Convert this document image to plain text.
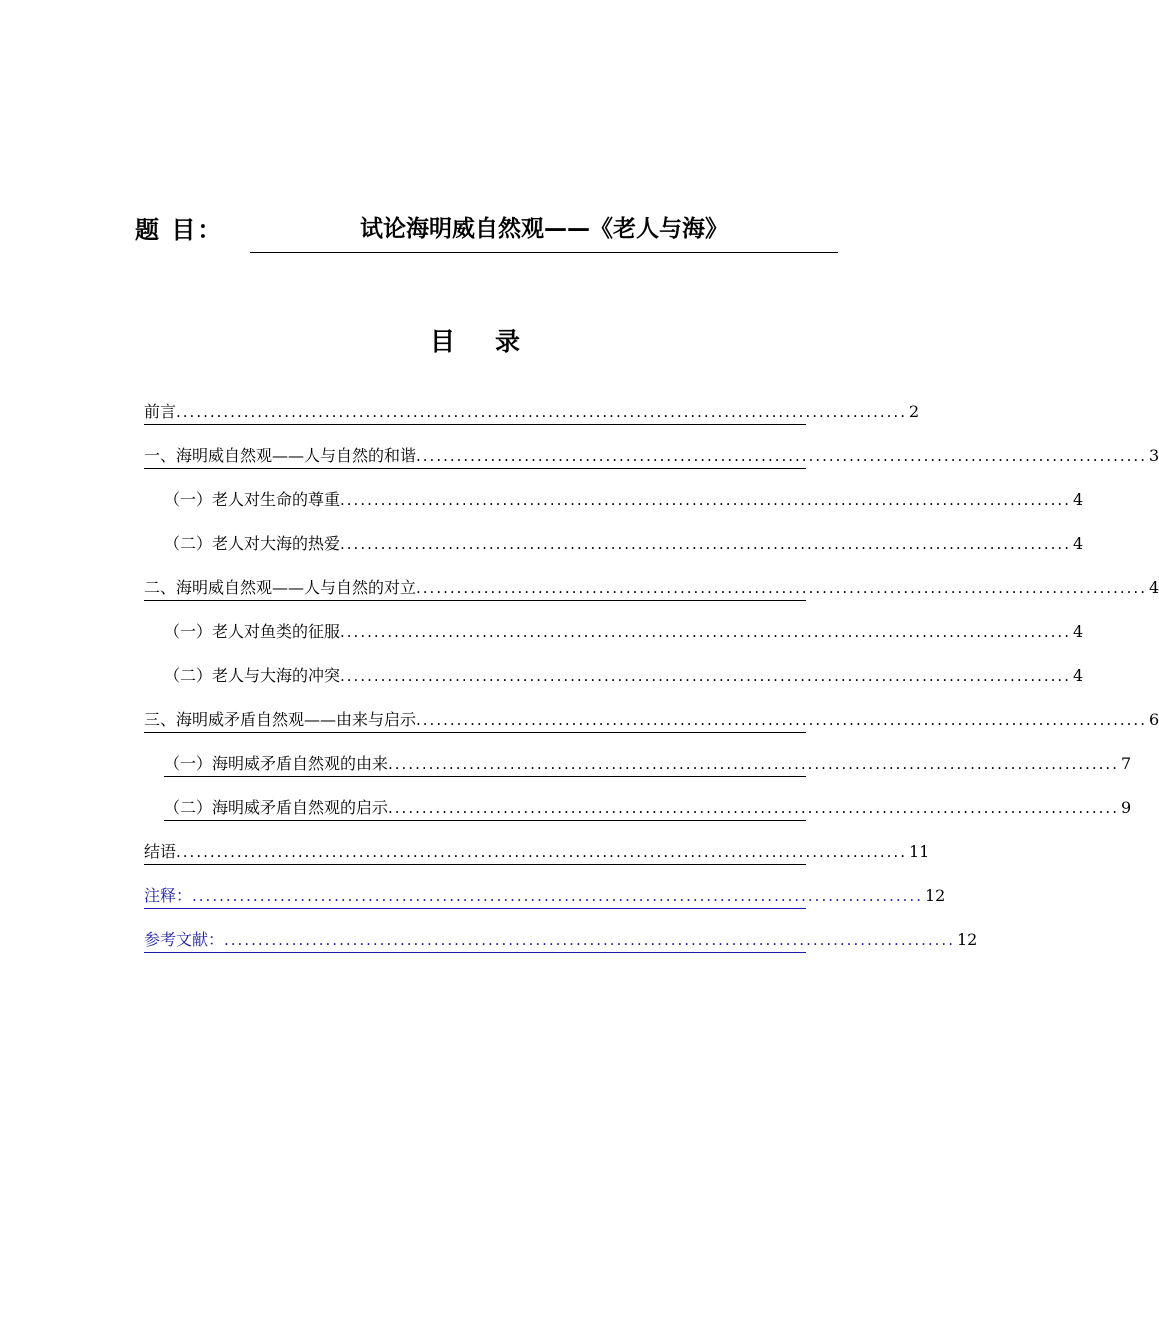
题 目：	试论海明威自然观——《老人与海》
目录
前言 ............................................................................................................ 2
一、海明威自然观——人与自然的和谐 ............................................................................................................ 3
（一）老人对生命的尊重 ............................................................................................................ 4
（二）老人对大海的热爱 ............................................................................................................ 4
二、海明威自然观——人与自然的对立 ............................................................................................................ 4
（一）老人对鱼类的征服 ............................................................................................................ 4
（二）老人与大海的冲突 ............................................................................................................ 4
三、海明威矛盾自然观——由来与启示 ............................................................................................................ 6
（一）海明威矛盾自然观的由来 ............................................................................................................ 7
（二）海明威矛盾自然观的启示 ............................................................................................................ 9
结语 ............................................................................................................ 11
注释： ............................................................................................................ 12
参考文献： ............................................................................................................ 12
